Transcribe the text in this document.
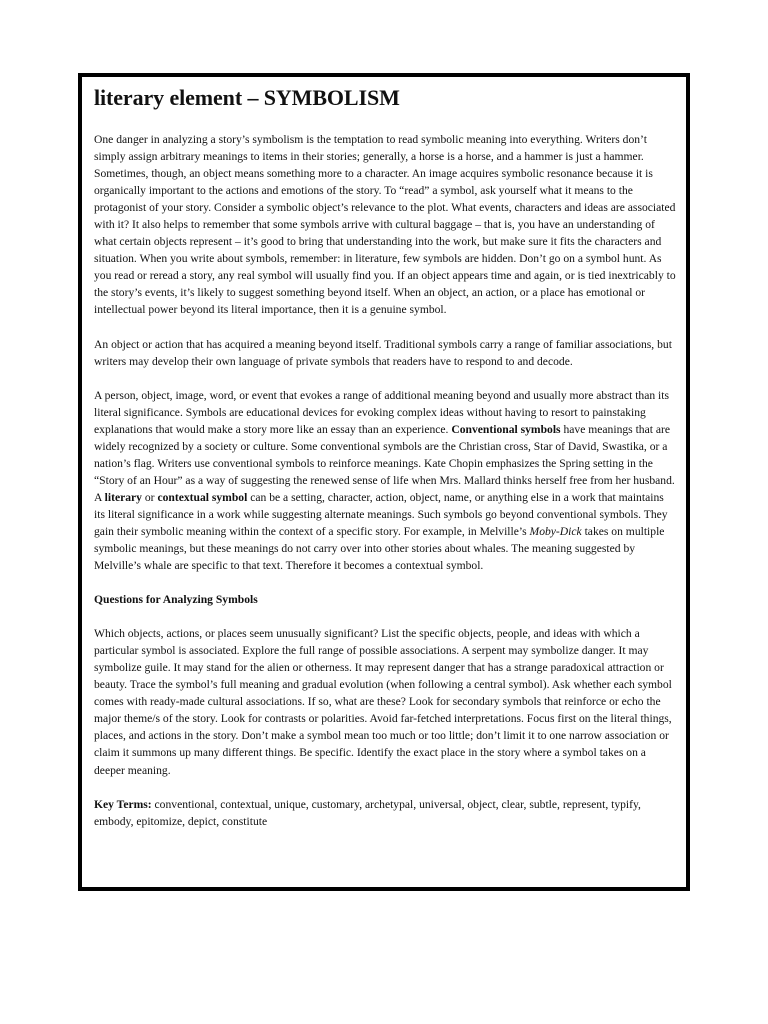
literary element – SYMBOLISM

One danger in analyzing a story’s symbolism is the temptation to read symbolic meaning into everything. Writers don’t simply assign arbitrary meanings to items in their stories; generally, a horse is a horse, and a hammer is just a hammer. Sometimes, though, an object means something more to a character. An image acquires symbolic resonance because it is organically important to the actions and emotions of the story. To “read” a symbol, ask yourself what it means to the protagonist of your story. Consider a symbolic object’s relevance to the plot. What events, characters and ideas are associated with it? It also helps to remember that some symbols arrive with cultural baggage – that is, you have an understanding of what certain objects represent – it’s good to bring that understanding into the work, but make sure it fits the characters and situation. When you write about symbols, remember: in literature, few symbols are hidden. Don’t go on a symbol hunt. As you read or reread a story, any real symbol will usually find you. If an object appears time and again, or is tied inextricably to the story’s events, it’s likely to suggest something beyond itself. When an object, an action, or a place has emotional or intellectual power beyond its literal importance, then it is a genuine symbol.

An object or action that has acquired a meaning beyond itself. Traditional symbols carry a range of familiar associations, but writers may develop their own language of private symbols that readers have to respond to and decode.

A person, object, image, word, or event that evokes a range of additional meaning beyond and usually more abstract than its literal significance. Symbols are educational devices for evoking complex ideas without having to resort to painstaking explanations that would make a story more like an essay than an experience. Conventional symbols have meanings that are widely recognized by a society or culture. Some conventional symbols are the Christian cross, Star of David, Swastika, or a nation’s flag. Writers use conventional symbols to reinforce meanings. Kate Chopin emphasizes the Spring setting in the “Story of an Hour” as a way of suggesting the renewed sense of life when Mrs. Mallard thinks herself free from her husband. A literary or contextual symbol can be a setting, character, action, object, name, or anything else in a work that maintains its literal significance in a work while suggesting alternate meanings. Such symbols go beyond conventional symbols. They gain their symbolic meaning within the context of a specific story. For example, in Melville’s Moby-Dick takes on multiple symbolic meanings, but these meanings do not carry over into other stories about whales. The meaning suggested by Melville’s whale are specific to that text. Therefore it becomes a contextual symbol.

Questions for Analyzing Symbols

Which objects, actions, or places seem unusually significant? List the specific objects, people, and ideas with which a particular symbol is associated. Explore the full range of possible associations. A serpent may symbolize danger. It may symbolize guile. It may stand for the alien or otherness. It may represent danger that has a strange paradoxical attraction or beauty. Trace the symbol’s full meaning and gradual evolution (when following a central symbol). Ask whether each symbol comes with ready-made cultural associations. If so, what are these? Look for secondary symbols that reinforce or echo the major theme/s of the story. Look for contrasts or polarities. Avoid far-fetched interpretations. Focus first on the literal things, places, and actions in the story. Don’t make a symbol mean too much or too little; don’t limit it to one narrow association or claim it summons up many different things. Be specific. Identify the exact place in the story where a symbol takes on a deeper meaning.

Key Terms: conventional, contextual, unique, customary, archetypal, universal, object, clear, subtle, represent, typify, embody, epitomize, depict, constitute
